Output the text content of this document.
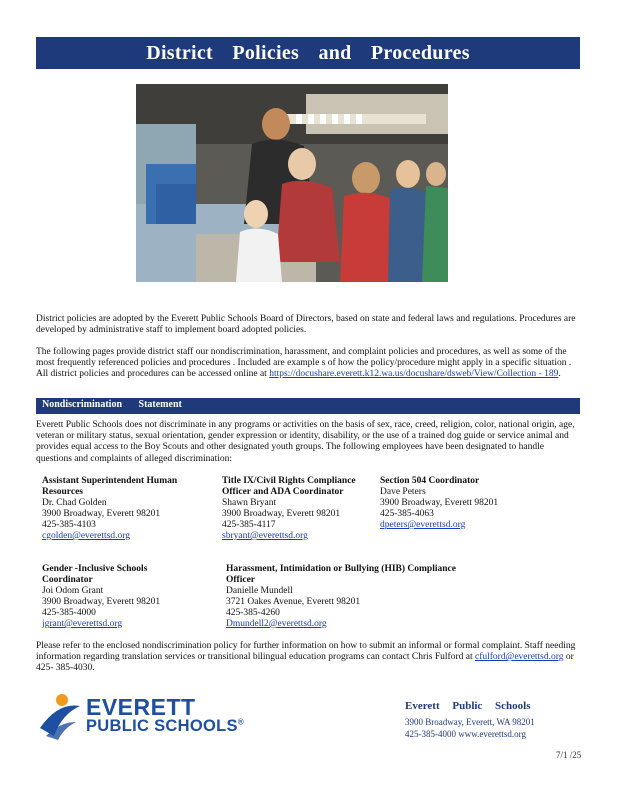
District Policies and Procedures
District policies are adopted by the Everett Public Schools Board of Directors, based on state and federal laws and regulations. Procedures are developed by administrative staff to implement board adopted policies.
The following pages provide district staff our nondiscrimination, harassment, and complaint policies and procedures, as well as some of the most frequently referenced policies and procedures . Included are example s of how the policy/procedure might apply in a specific situation . All district policies and procedures can be accessed online at https://docushare.everett.k12.wa.us/docushare/dsweb/View/Collection - 189.
Nondiscrimination Statement
Everett Public Schools does not discriminate in any programs or activities on the basis of sex, race, creed, religion, color, national origin, age, veteran or military status, sexual orientation, gender expression or identity, disability, or the use of a trained dog guide or service animal and provides equal access to the Boy Scouts and other designated youth groups. The following employees have been designated to handle questions and complaints of alleged discrimination:
Assistant Superintendent Human Resources
Dr. Chad Golden
3900 Broadway, Everett 98201
425-385-4103
cgolden@everettsd.org
Title IX/Civil Rights Compliance Officer and ADA Coordinator
Shawn Bryant
3900 Broadway, Everett 98201
425-385-4117
sbryant@everettsd.org
Section 504 Coordinator
Dave Peters
3900 Broadway, Everett 98201
425-385-4063
dpeters@everettsd.org
Gender -Inclusive Schools Coordinator
Joi Odom Grant
3900 Broadway, Everett 98201
425-385-4000
jgrant@everettsd.org
Harassment, Intimidation or Bullying (HIB) Compliance Officer
Danielle Mundell
3721 Oakes Avenue, Everett 98201
425-385-4260
Dmundell2@everettsd.org
Please refer to the enclosed nondiscrimination policy for further information on how to submit an informal or formal complaint. Staff needing information regarding translation services or transitional bilingual education programs can contact Chris Fulford at cfulford@everettsd.org or 425- 385-4030.
EVERETT
PUBLIC SCHOOLS®
Everett Public Schools
3900 Broadway, Everett, WA 98201
425-385-4000 www.everettsd.org
7/1 /25
